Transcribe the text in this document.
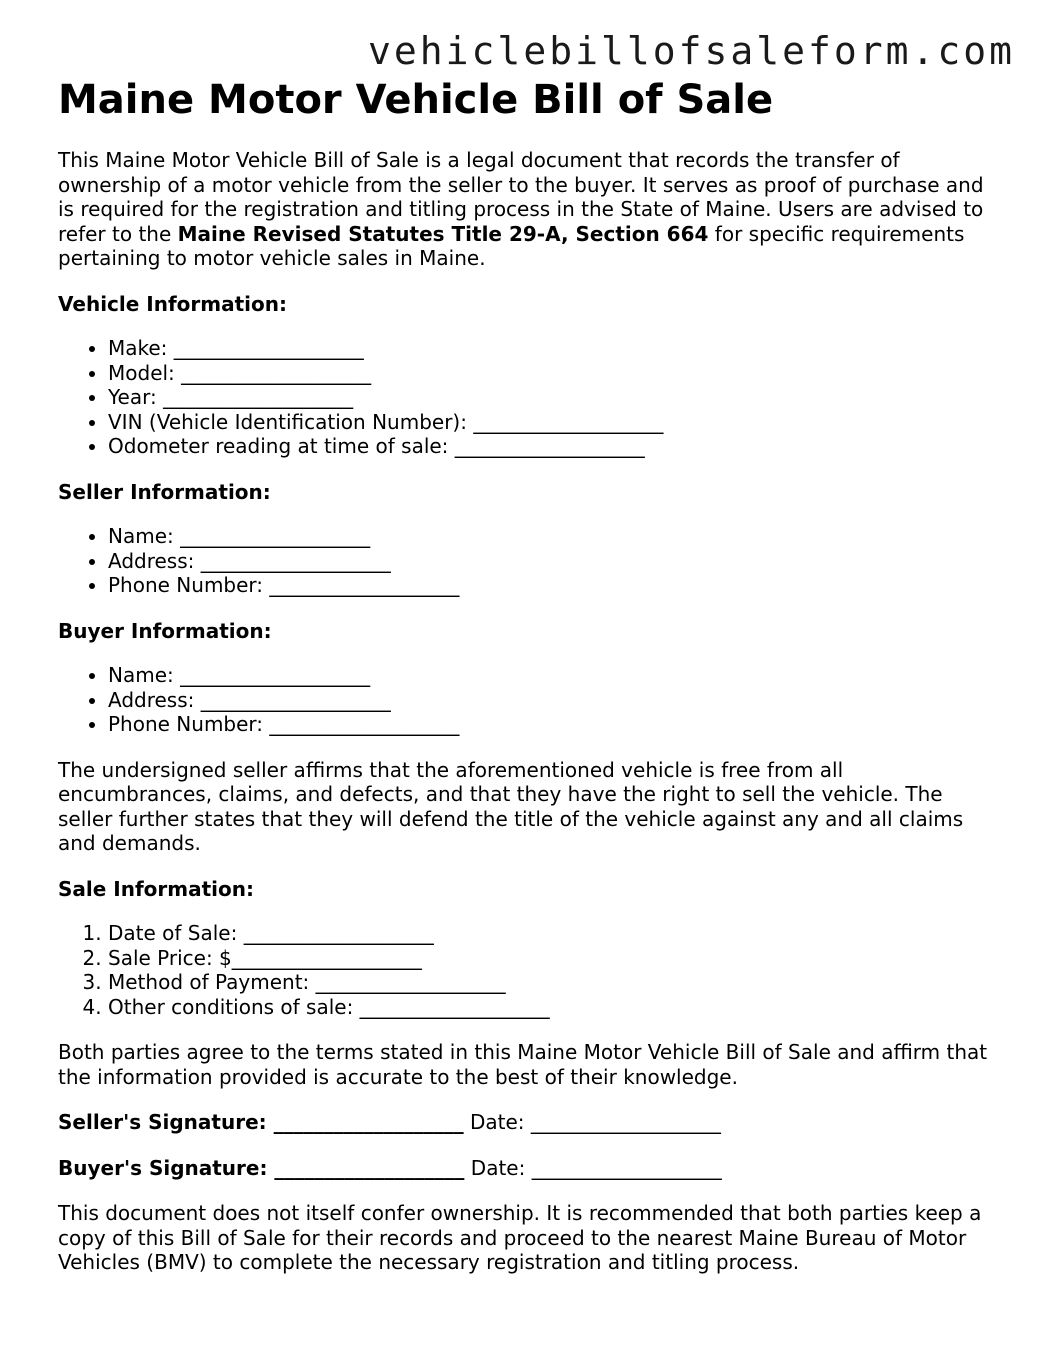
vehiclebillofsaleform.com
Maine Motor Vehicle Bill of Sale

This Maine Motor Vehicle Bill of Sale is a legal document that records the transfer of ownership of a motor vehicle from the seller to the buyer. It serves as proof of purchase and is required for the registration and titling process in the State of Maine. Users are advised to refer to the Maine Revised Statutes Title 29-A, Section 664 for specific requirements pertaining to motor vehicle sales in Maine.

Vehicle Information:

• Make: ___________________
• Model: ___________________
• Year: ___________________
• VIN (Vehicle Identification Number): ___________________
• Odometer reading at time of sale: ___________________

Seller Information:

• Name: ___________________
• Address: ___________________
• Phone Number: ___________________

Buyer Information:

• Name: ___________________
• Address: ___________________
• Phone Number: ___________________

The undersigned seller affirms that the aforementioned vehicle is free from all encumbrances, claims, and defects, and that they have the right to sell the vehicle. The seller further states that they will defend the title of the vehicle against any and all claims and demands.

Sale Information:

1. Date of Sale: ___________________
2. Sale Price: $___________________
3. Method of Payment: ___________________
4. Other conditions of sale: ___________________

Both parties agree to the terms stated in this Maine Motor Vehicle Bill of Sale and affirm that the information provided is accurate to the best of their knowledge.

Seller's Signature: ___________________ Date: ___________________

Buyer's Signature: ___________________ Date: ___________________

This document does not itself confer ownership. It is recommended that both parties keep a copy of this Bill of Sale for their records and proceed to the nearest Maine Bureau of Motor Vehicles (BMV) to complete the necessary registration and titling process.
